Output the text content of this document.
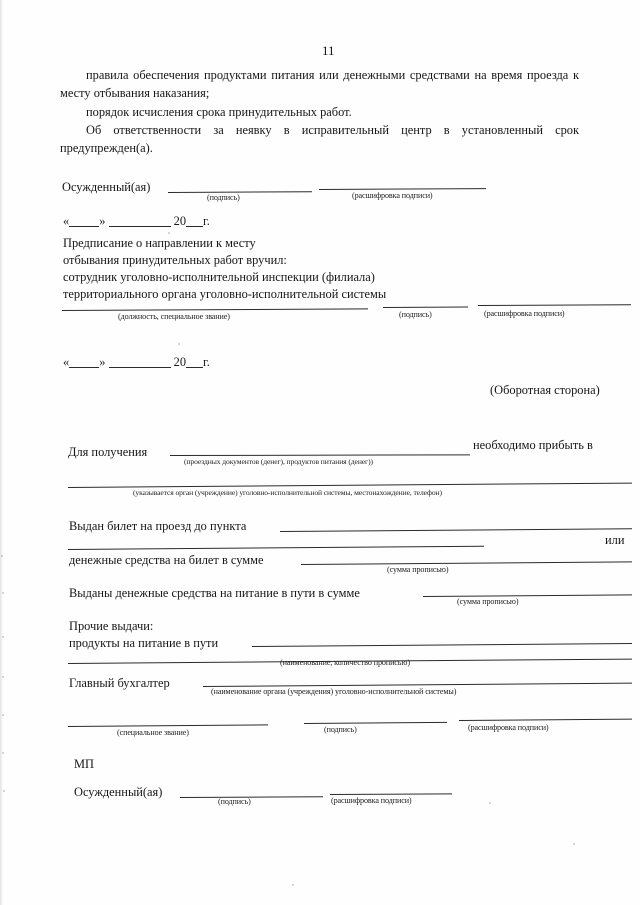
11
правила обеспечения продуктами питания или денежными средствами на время проезда к месту отбывания наказания;
порядок исчисления срока принудительных работ.
Об ответственности за неявку в исправительный центр в установленный срок предупрежден(а).
Осужденный(ая)
(подпись)	(расшифровка подписи)
« »	20 г.
Предписание о направлении к месту
отбывания принудительных работ вручил:
сотрудник уголовно-исполнительной инспекции (филиала)
территориального органа уголовно-исполнительной системы
(должность, специальное звание)	(подпись)	(расшифровка подписи)
« »	20 г.
(Оборотная сторона)
Для получения
(проездных документов (денег), продуктов питания (денег))
необходимо прибыть в
(указывается орган (учреждение) уголовно-исполнительной системы, местонахождение, телефон)
Выдан билет на проезд до пункта
или
денежные средства на билет в сумме
(сумма прописью)
Выданы денежные средства на питание в пути в сумме
(сумма прописью)
Прочие выдачи:
продукты на питание в пути
(наименование, количество прописью)
Главный бухгалтер
(наименование органа (учреждения) уголовно-исполнительной системы)
(специальное звание)	(подпись)	(расшифровка подписи)
МП
Осужденный(ая)
(подпись)	(расшифровка подписи)
